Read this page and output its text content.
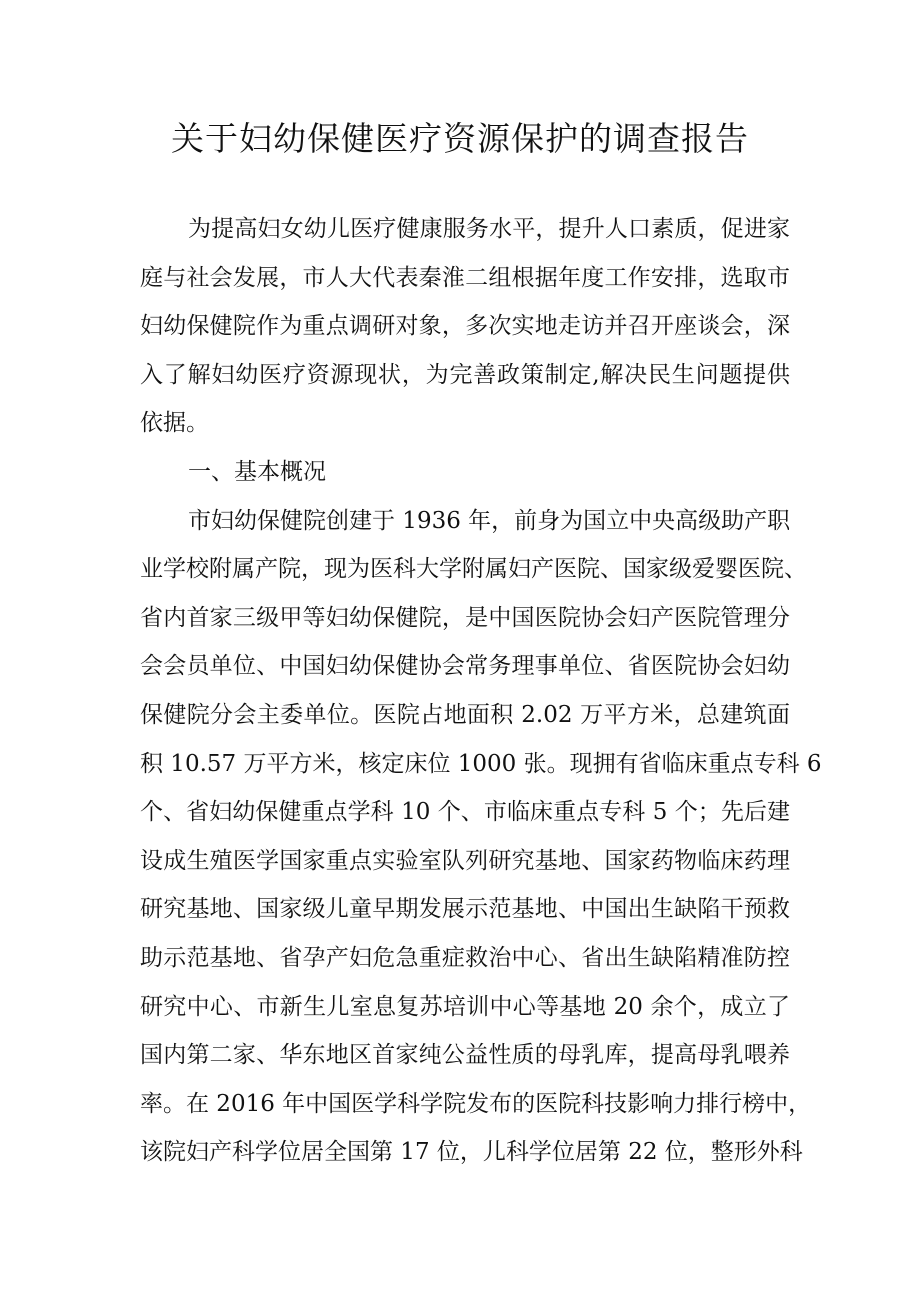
关于妇幼保健医疗资源保护的调查报告
为提高妇女幼儿医疗健康服务水平，提升人口素质，促进家
庭与社会发展，市人大代表秦淮二组根据年度工作安排，选取市
妇幼保健院作为重点调研对象，多次实地走访并召开座谈会，深
入了解妇幼医疗资源现状，为完善政策制定,解决民生问题提供
依据。
一、基本概况
市妇幼保健院创建于 1936 年，前身为国立中央高级助产职
业学校附属产院，现为医科大学附属妇产医院、国家级爱婴医院、
省内首家三级甲等妇幼保健院，是中国医院协会妇产医院管理分
会会员单位、中国妇幼保健协会常务理事单位、省医院协会妇幼
保健院分会主委单位。医院占地面积 2.02 万平方米，总建筑面
积 10.57 万平方米，核定床位 1000 张。现拥有省临床重点专科 6
个、省妇幼保健重点学科 10 个、市临床重点专科 5 个；先后建
设成生殖医学国家重点实验室队列研究基地、国家药物临床药理
研究基地、国家级儿童早期发展示范基地、中国出生缺陷干预救
助示范基地、省孕产妇危急重症救治中心、省出生缺陷精准防控
研究中心、市新生儿室息复苏培训中心等基地 20 余个，成立了
国内第二家、华东地区首家纯公益性质的母乳库，提高母乳喂养
率。在 2016 年中国医学科学院发布的医院科技影响力排行榜中，
该院妇产科学位居全国第 17 位，儿科学位居第 22 位，整形外科
